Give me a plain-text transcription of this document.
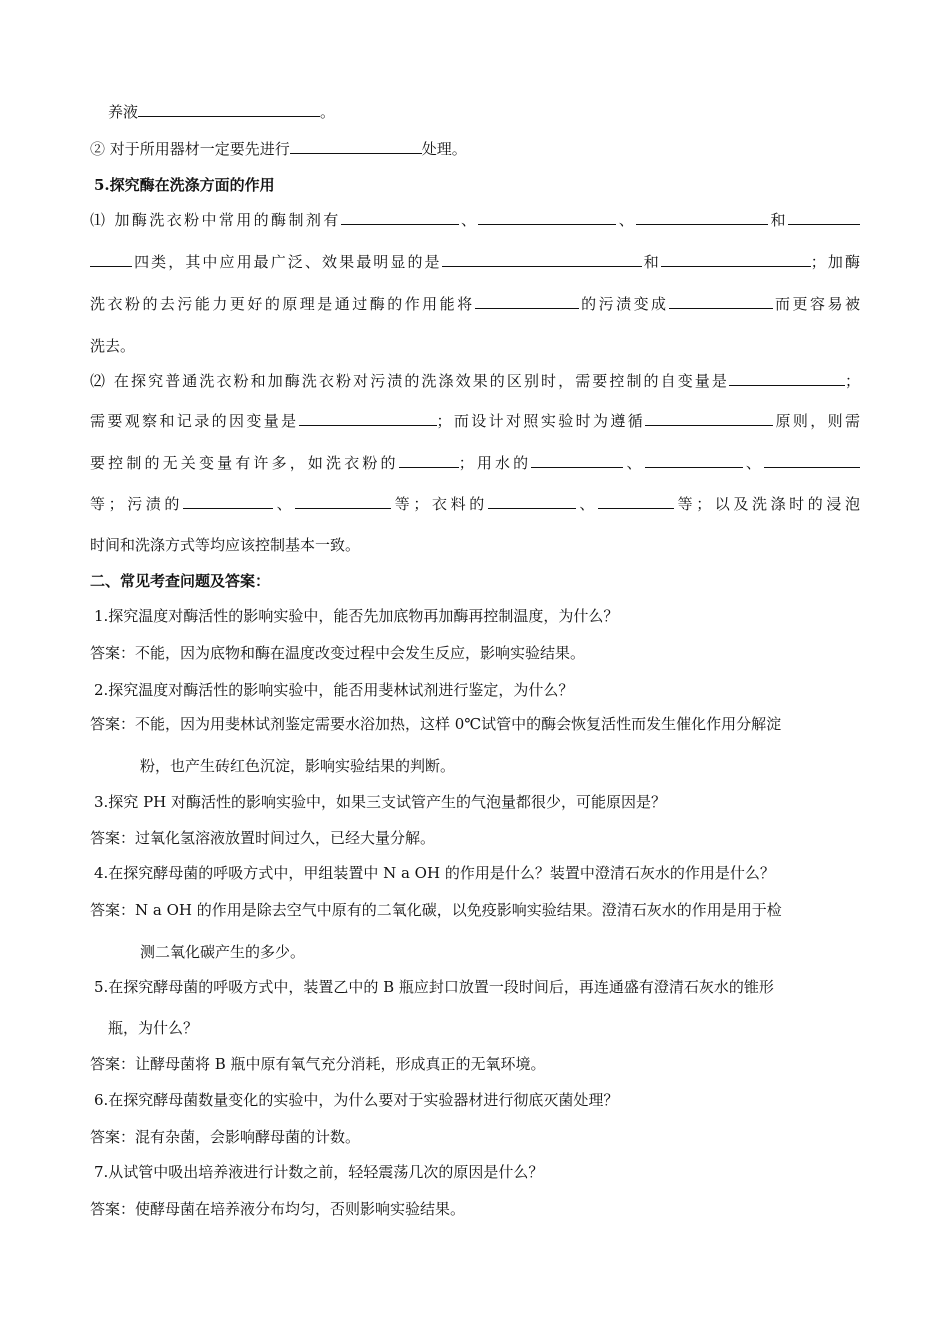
养液	。
② 对于所用器材一定要先进行	处理。
5.探究酶在洗涤方面的作用
⑴ 加酶洗衣粉中常用的酶制剂有	、	、	和
四类，其中应用最广泛、效果最明显的是	和	；加酶
洗衣粉的去污能力更好的原理是通过酶的作用能将	的污渍变成	而更容易被
洗去。
⑵ 在探究普通洗衣粉和加酶洗衣粉对污渍的洗涤效果的区别时，需要控制的自变量是	；
需要观察和记录的因变量是	；而设计对照实验时为遵循	原则，则需
要控制的无关变量有许多，如洗衣粉的	；用水的	、	、
等；污渍的	、	等；衣料的	、	等；以及洗涤时的浸泡
时间和洗涤方式等均应该控制基本一致。
二、常见考查问题及答案：
1.探究温度对酶活性的影响实验中，能否先加底物再加酶再控制温度，为什么？
答案：不能，因为底物和酶在温度改变过程中会发生反应，影响实验结果。
2.探究温度对酶活性的影响实验中，能否用斐林试剂进行鉴定，为什么？
答案：不能，因为用斐林试剂鉴定需要水浴加热，这样 0℃试管中的酶会恢复活性而发生催化作用分解淀
粉，也产生砖红色沉淀，影响实验结果的判断。
3.探究 PH 对酶活性的影响实验中，如果三支试管产生的气泡量都很少，可能原因是？
答案：过氧化氢溶液放置时间过久，已经大量分解。
4.在探究酵母菌的呼吸方式中，甲组装置中 N a OH 的作用是什么？装置中澄清石灰水的作用是什么？
答案：N a OH 的作用是除去空气中原有的二氧化碳，以免疫影响实验结果。澄清石灰水的作用是用于检
测二氧化碳产生的多少。
5.在探究酵母菌的呼吸方式中，装置乙中的 B 瓶应封口放置一段时间后，再连通盛有澄清石灰水的锥形
瓶，为什么？
答案：让酵母菌将 B 瓶中原有氧气充分消耗，形成真正的无氧环境。
6.在探究酵母菌数量变化的实验中，为什么要对于实验器材进行彻底灭菌处理？
答案：混有杂菌，会影响酵母菌的计数。
7.从试管中吸出培养液进行计数之前，轻轻震荡几次的原因是什么？
答案：使酵母菌在培养液分布均匀，否则影响实验结果。
